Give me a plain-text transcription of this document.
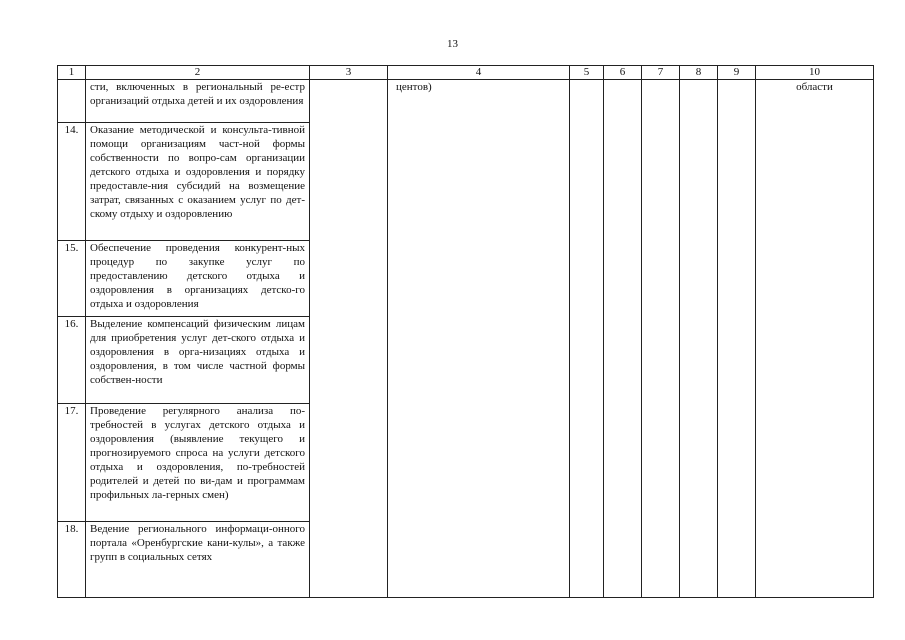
13
1	2	3	4	5	6	7	8	9	10
	сти, включенных в региональный ре-естр организаций отдыха детей и их оздоровления		центов)						области
14.	Оказание методической и консульта-тивной помощи организациям част-ной формы собственности по вопро-сам организации детского отдыха и оздоровления и порядку предоставле-ния субсидий на возмещение затрат, связанных с оказанием услуг по дет-скому отдыху и оздоровлению								
15.	Обеспечение проведения конкурент-ных процедур по закупке услуг по предоставлению детского отдыха и оздоровления в организациях детско-го отдыха и оздоровления								
16.	Выделение компенсаций физическим лицам для приобретения услуг дет-ского отдыха и оздоровления в орга-низациях отдыха и оздоровления, в том числе частной формы собствен-ности								
17.	Проведение регулярного анализа по-требностей в услугах детского отдыха и оздоровления (выявление текущего и прогнозируемого спроса на услуги детского отдыха и оздоровления, по-требностей родителей и детей по ви-дам и программам профильных ла-герных смен)								
18.	Ведение регионального информаци-онного портала «Оренбургские кани-кулы», а также групп в социальных сетях								
